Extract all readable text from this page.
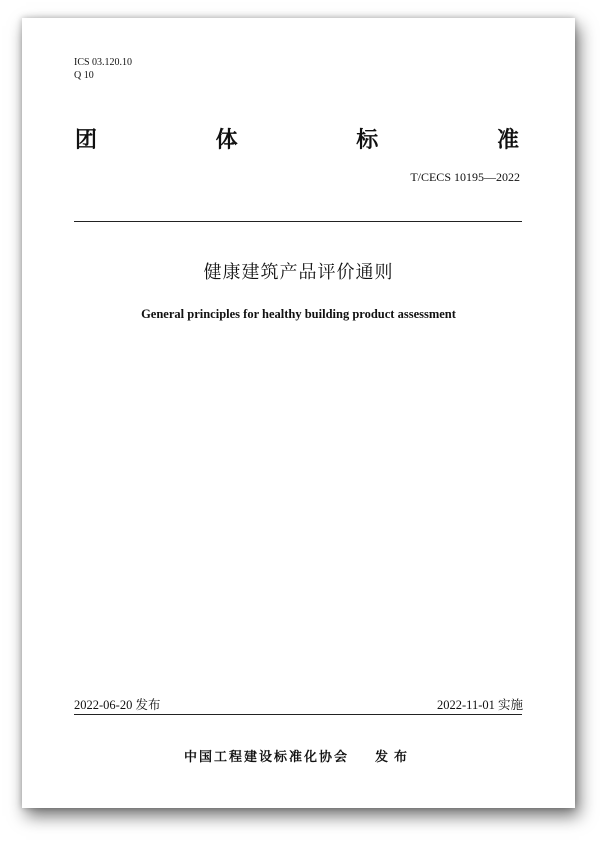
ICS 03.120.10
Q 10
团	体	标	准
T/CECS 10195—2022
健康建筑产品评价通则
General principles for healthy building product assessment
2022-06-20 发布	2022-11-01 实施
中国工程建设标准化协会 发布
